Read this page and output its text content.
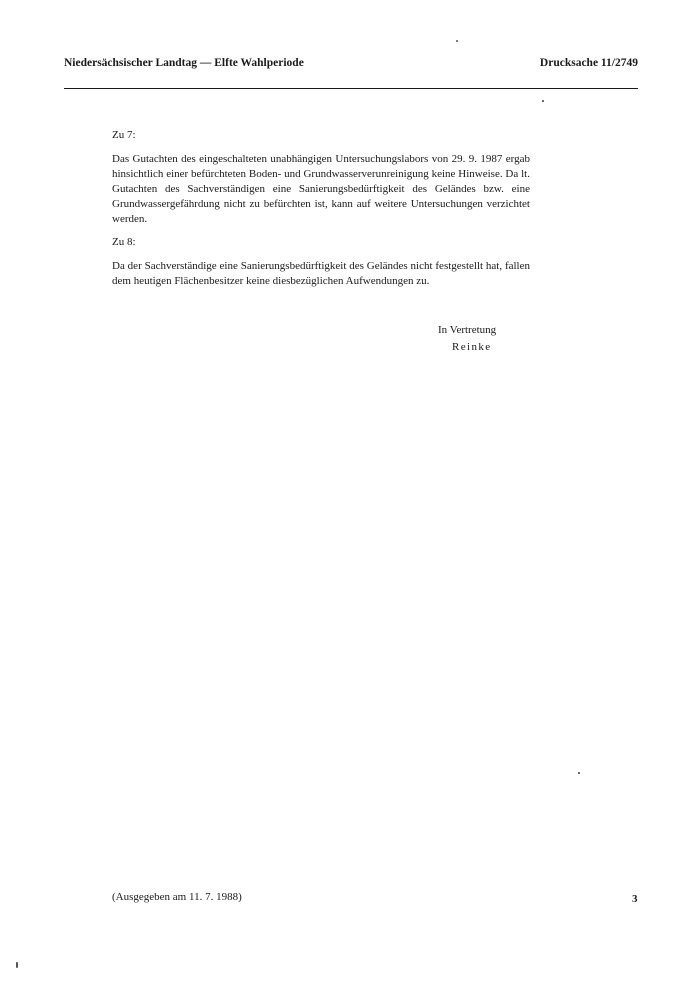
Niedersächsischer Landtag — Elfte Wahlperiode	Drucksache 11/2749
Zu 7:

Das Gutachten des eingeschalteten unabhängigen Untersuchungslabors von 29. 9. 1987 ergab hinsichtlich einer befürchteten Boden- und Grundwasserverunreinigung keine Hinweise. Da lt. Gutachten des Sachverständigen eine Sanierungsbedürftigkeit des Geländes bzw. eine Grundwassergefährdung nicht zu befürchten ist, kann auf weitere Untersuchungen verzichtet werden.

Zu 8:

Da der Sachverständige eine Sanierungsbedürftigkeit des Geländes nicht festgestellt hat, fallen dem heutigen Flächenbesitzer keine diesbezüglichen Aufwendungen zu.

In Vertretung
Reinke
(Ausgegeben am 11. 7. 1988)	3
